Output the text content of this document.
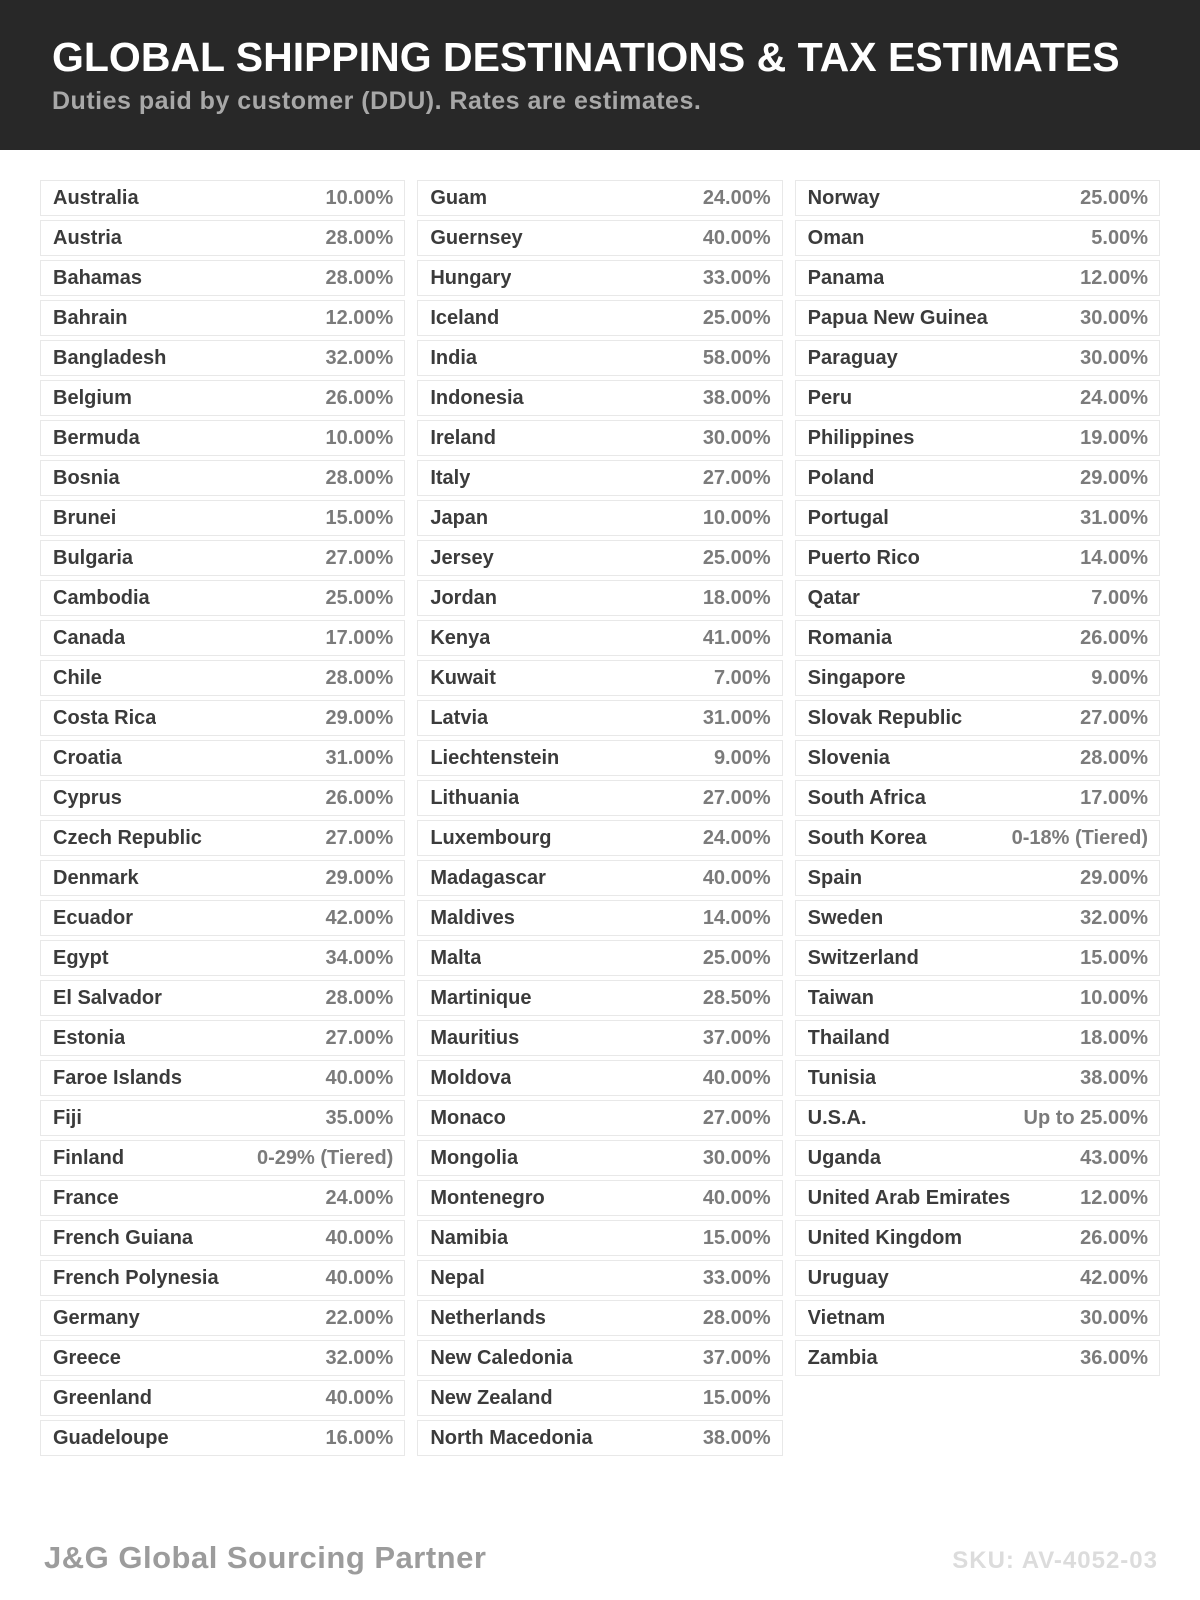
GLOBAL SHIPPING DESTINATIONS & TAX ESTIMATES

Duties paid by customer (DDU). Rates are estimates.

Australia	10.00%
Austria	28.00%
Bahamas	28.00%
Bahrain	12.00%
Bangladesh	32.00%
Belgium	26.00%
Bermuda	10.00%
Bosnia	28.00%
Brunei	15.00%
Bulgaria	27.00%
Cambodia	25.00%
Canada	17.00%
Chile	28.00%
Costa Rica	29.00%
Croatia	31.00%
Cyprus	26.00%
Czech Republic	27.00%
Denmark	29.00%
Ecuador	42.00%
Egypt	34.00%
El Salvador	28.00%
Estonia	27.00%
Faroe Islands	40.00%
Fiji	35.00%
Finland	0-29% (Tiered)
France	24.00%
French Guiana	40.00%
French Polynesia	40.00%
Germany	22.00%
Greece	32.00%
Greenland	40.00%
Guadeloupe	16.00%
Guam	24.00%
Guernsey	40.00%
Hungary	33.00%
Iceland	25.00%
India	58.00%
Indonesia	38.00%
Ireland	30.00%
Italy	27.00%
Japan	10.00%
Jersey	25.00%
Jordan	18.00%
Kenya	41.00%
Kuwait	7.00%
Latvia	31.00%
Liechtenstein	9.00%
Lithuania	27.00%
Luxembourg	24.00%
Madagascar	40.00%
Maldives	14.00%
Malta	25.00%
Martinique	28.50%
Mauritius	37.00%
Moldova	40.00%
Monaco	27.00%
Mongolia	30.00%
Montenegro	40.00%
Namibia	15.00%
Nepal	33.00%
Netherlands	28.00%
New Caledonia	37.00%
New Zealand	15.00%
North Macedonia	38.00%
Norway	25.00%
Oman	5.00%
Panama	12.00%
Papua New Guinea	30.00%
Paraguay	30.00%
Peru	24.00%
Philippines	19.00%
Poland	29.00%
Portugal	31.00%
Puerto Rico	14.00%
Qatar	7.00%
Romania	26.00%
Singapore	9.00%
Slovak Republic	27.00%
Slovenia	28.00%
South Africa	17.00%
South Korea	0-18% (Tiered)
Spain	29.00%
Sweden	32.00%
Switzerland	15.00%
Taiwan	10.00%
Thailand	18.00%
Tunisia	38.00%
U.S.A.	Up to 25.00%
Uganda	43.00%
United Arab Emirates	12.00%
United Kingdom	26.00%
Uruguay	42.00%
Vietnam	30.00%
Zambia	36.00%
J&G Global Sourcing Partner	SKU: AV-4052-03
